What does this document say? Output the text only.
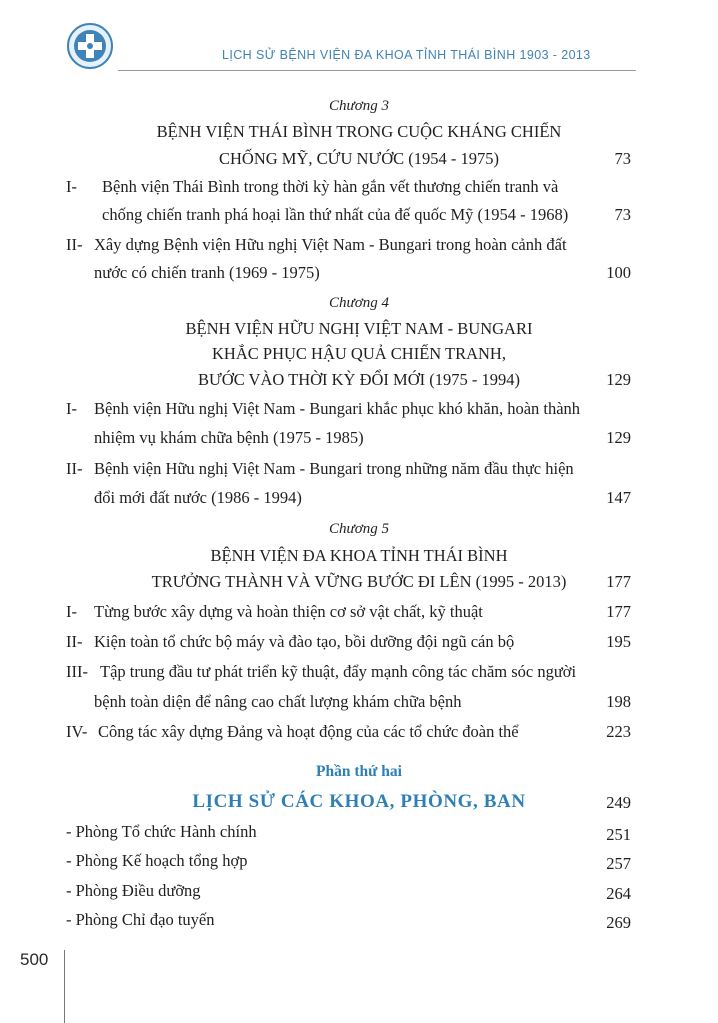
LỊCH SỬ BỆNH VIỆN ĐA KHOA TỈNH THÁI BÌNH 1903 - 2013
Chương 3
BỆNH VIỆN THÁI BÌNH TRONG CUỘC KHÁNG CHIẾN
CHỐNG MỸ, CỨU NƯỚC (1954 - 1975)	73
I- Bệnh viện Thái Bình trong thời kỳ hàn gắn vết thương chiến tranh và
chống chiến tranh phá hoại lần thứ nhất của đế quốc Mỹ (1954 - 1968)	73
II- Xây dựng Bệnh viện Hữu nghị Việt Nam - Bungari trong hoàn cảnh đất
nước có chiến tranh (1969 - 1975)	100
Chương 4
BỆNH VIỆN HỮU NGHỊ VIỆT NAM - BUNGARI
KHẮC PHỤC HẬU QUẢ CHIẾN TRANH,
BƯỚC VÀO THỜI KỲ ĐỔI MỚI (1975 - 1994)	129
I- Bệnh viện Hữu nghị Việt Nam - Bungari khắc phục khó khăn, hoàn thành
nhiệm vụ khám chữa bệnh (1975 - 1985)	129
II- Bệnh viện Hữu nghị Việt Nam - Bungari trong những năm đầu thực hiện
đổi mới đất nước (1986 - 1994)	147
Chương 5
BỆNH VIỆN ĐA KHOA TỈNH THÁI BÌNH
TRƯỞNG THÀNH VÀ VỮNG BƯỚC ĐI LÊN (1995 - 2013)	177
I- Từng bước xây dựng và hoàn thiện cơ sở vật chất, kỹ thuật	177
II- Kiện toàn tổ chức bộ máy và đào tạo, bồi dưỡng đội ngũ cán bộ	195
III- Tập trung đầu tư phát triển kỹ thuật, đẩy mạnh công tác chăm sóc người
bệnh toàn diện để nâng cao chất lượng khám chữa bệnh	198
IV- Công tác xây dựng Đảng và hoạt động của các tổ chức đoàn thể	223
Phần thứ hai
LỊCH SỬ CÁC KHOA, PHÒNG, BAN	249
- Phòng Tổ chức Hành chính	251
- Phòng Kế hoạch tổng hợp	257
- Phòng Điều dưỡng	264
- Phòng Chỉ đạo tuyến	269
500
